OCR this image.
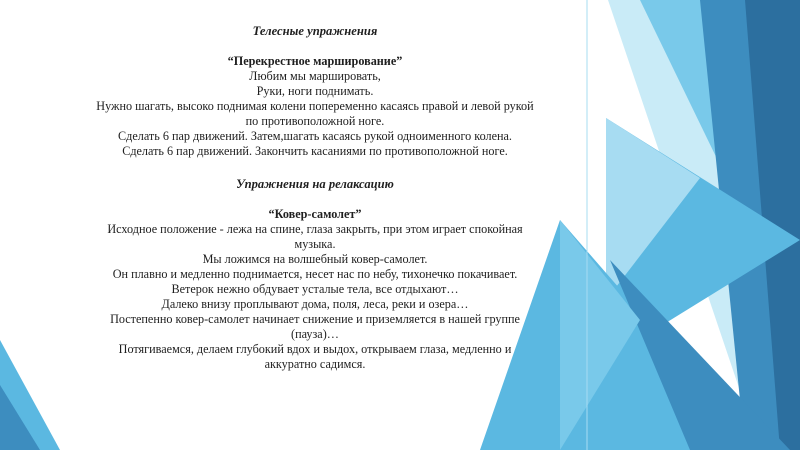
Телесные упражнения
“Перекрестное марширование”
Любим мы маршировать,
Руки, ноги поднимать.
Нужно шагать, высоко поднимая колени попеременно касаясь правой и левой рукой
по противоположной ноге.
Сделать 6 пар движений. Затем,шагать касаясь рукой одноименного колена.
Сделать 6 пар движений. Закончить касаниями по противоположной ноге.
Упражнения на релаксацию
“Ковер-самолет”
Исходное положение - лежа на спине, глаза закрыть, при этом играет спокойная
музыка.
Мы ложимся на волшебный ковер-самолет.
Он плавно и медленно поднимается, несет нас по небу, тихонечко покачивает.
Ветерок нежно обдувает усталые тела, все отдыхают…
Далеко внизу проплывают дома, поля, леса, реки и озера…
Постепенно ковер-самолет начинает снижение и приземляется в нашей группе
(пауза)…
Потягиваемся, делаем глубокий вдох и выдох, открываем глаза, медленно и
аккуратно садимся.
